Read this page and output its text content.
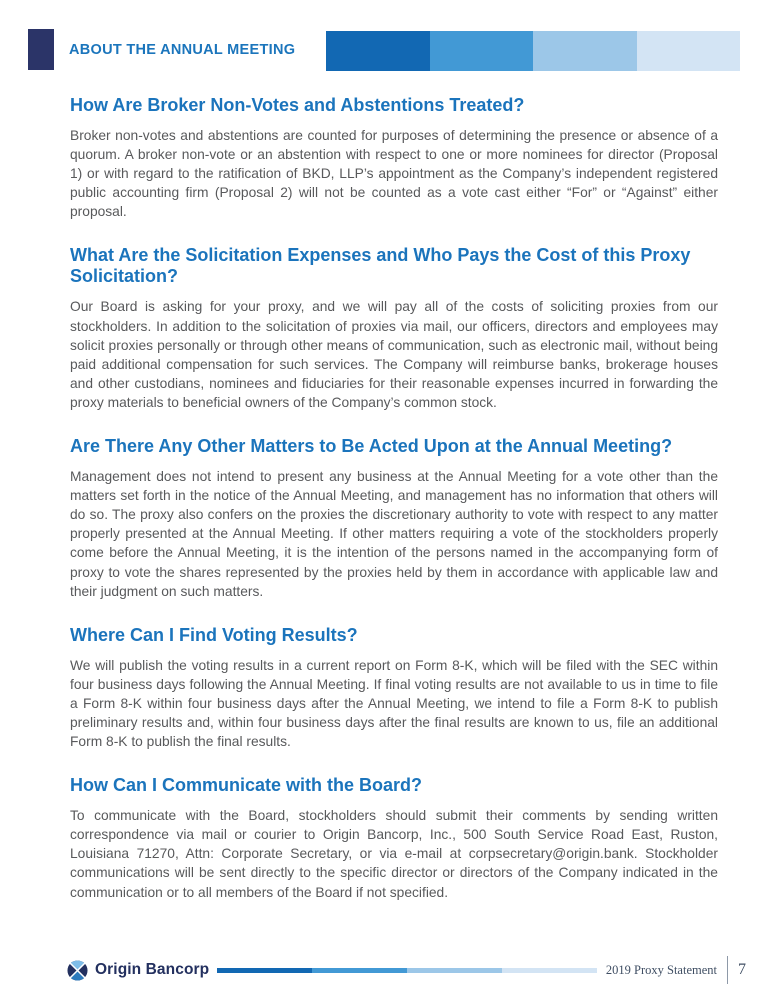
ABOUT THE ANNUAL MEETING
How Are Broker Non-Votes and Abstentions Treated?

Broker non-votes and abstentions are counted for purposes of determining the presence or absence of a quorum. A broker non-vote or an abstention with respect to one or more nominees for director (Proposal 1) or with regard to the ratification of BKD, LLP’s appointment as the Company’s independent registered public accounting firm (Proposal 2) will not be counted as a vote cast either “For” or “Against” either proposal.

What Are the Solicitation Expenses and Who Pays the Cost of this Proxy Solicitation?

Our Board is asking for your proxy, and we will pay all of the costs of soliciting proxies from our stockholders. In addition to the solicitation of proxies via mail, our officers, directors and employees may solicit proxies personally or through other means of communication, such as electronic mail, without being paid additional compensation for such services. The Company will reimburse banks, brokerage houses and other custodians, nominees and fiduciaries for their reasonable expenses incurred in forwarding the proxy materials to beneficial owners of the Company’s common stock.

Are There Any Other Matters to Be Acted Upon at the Annual Meeting?

Management does not intend to present any business at the Annual Meeting for a vote other than the matters set forth in the notice of the Annual Meeting, and management has no information that others will do so. The proxy also confers on the proxies the discretionary authority to vote with respect to any matter properly presented at the Annual Meeting. If other matters requiring a vote of the stockholders properly come before the Annual Meeting, it is the intention of the persons named in the accompanying form of proxy to vote the shares represented by the proxies held by them in accordance with applicable law and their judgment on such matters.

Where Can I Find Voting Results?

We will publish the voting results in a current report on Form 8-K, which will be filed with the SEC within four business days following the Annual Meeting. If final voting results are not available to us in time to file a Form 8-K within four business days after the Annual Meeting, we intend to file a Form 8-K to publish preliminary results and, within four business days after the final results are known to us, file an additional Form 8-K to publish the final results.

How Can I Communicate with the Board?

To communicate with the Board, stockholders should submit their comments by sending written correspondence via mail or courier to Origin Bancorp, Inc., 500 South Service Road East, Ruston, Louisiana 71270, Attn: Corporate Secretary, or via e-mail at corpsecretary@origin.bank. Stockholder communications will be sent directly to the specific director or directors of the Company indicated in the communication or to all members of the Board if not specified.

Origin Bancorp	2019 Proxy Statement 7
